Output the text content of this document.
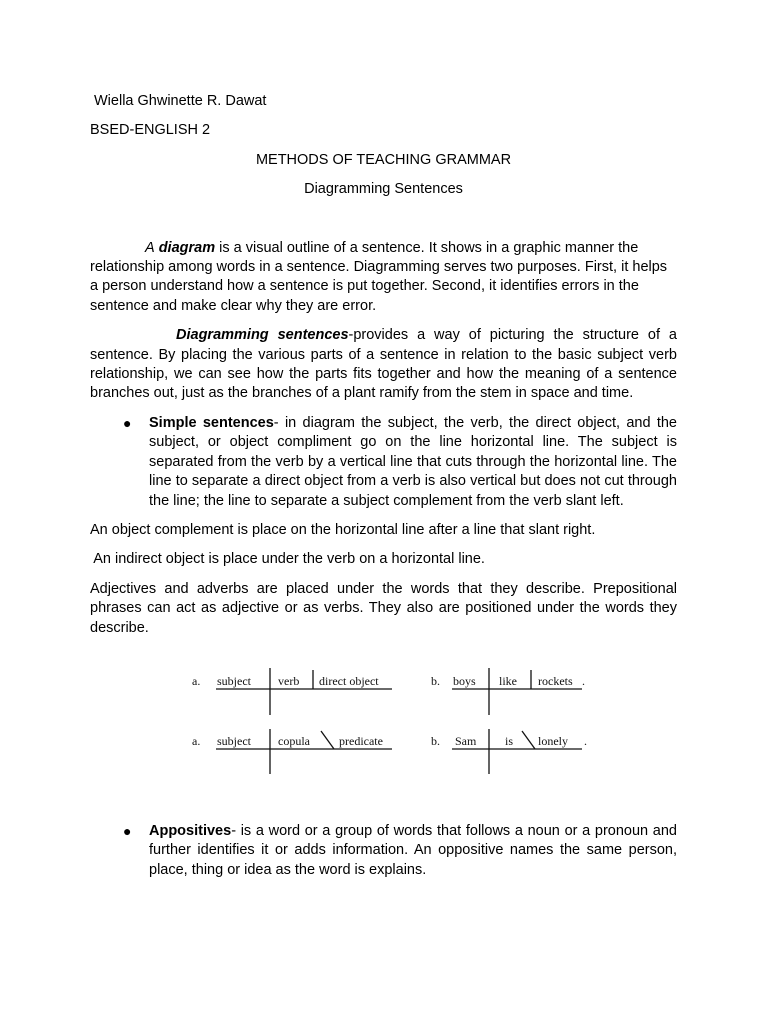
Wiella Ghwinette R. Dawat

BSED-ENGLISH 2

METHODS OF TEACHING GRAMMAR

Diagramming Sentences

A diagram is a visual outline of a sentence. It shows in a graphic manner the relationship among words in a sentence. Diagramming serves two purposes. First, it helps a person understand how a sentence is put together. Second, it identifies errors in the sentence and make clear why they are error.

Diagramming sentences-provides a way of picturing the structure of a sentence. By placing the various parts of a sentence in relation to the basic subject verb relationship, we can see how the parts fits together and how the meaning of a sentence branches out, just as the branches of a plant ramify from the stem in space and time.

● Simple sentences- in diagram the subject, the verb, the direct object, and the subject, or object compliment go on the line horizontal line. The subject is separated from the verb by a vertical line that cuts through the horizontal line. The line to separate a direct object from a verb is also vertical but does not cut through the line; the line to separate a subject complement from the verb slant left.

An object complement is place on the horizontal line after a line that slant right.

An indirect object is place under the verb on a horizontal line.

Adjectives and adverbs are placed under the words that they describe. Prepositional phrases can act as adjective or as verbs. They also are positioned under the words they describe.

● Appositives- is a word or a group of words that follows a noun or a pronoun and further identifies it or adds information. An oppositive names the same person, place, thing or idea as the word is explains.
a. subject verb direct object	b. boys like rockets .
a. subject copula predicate	b. Sam is lonely .
